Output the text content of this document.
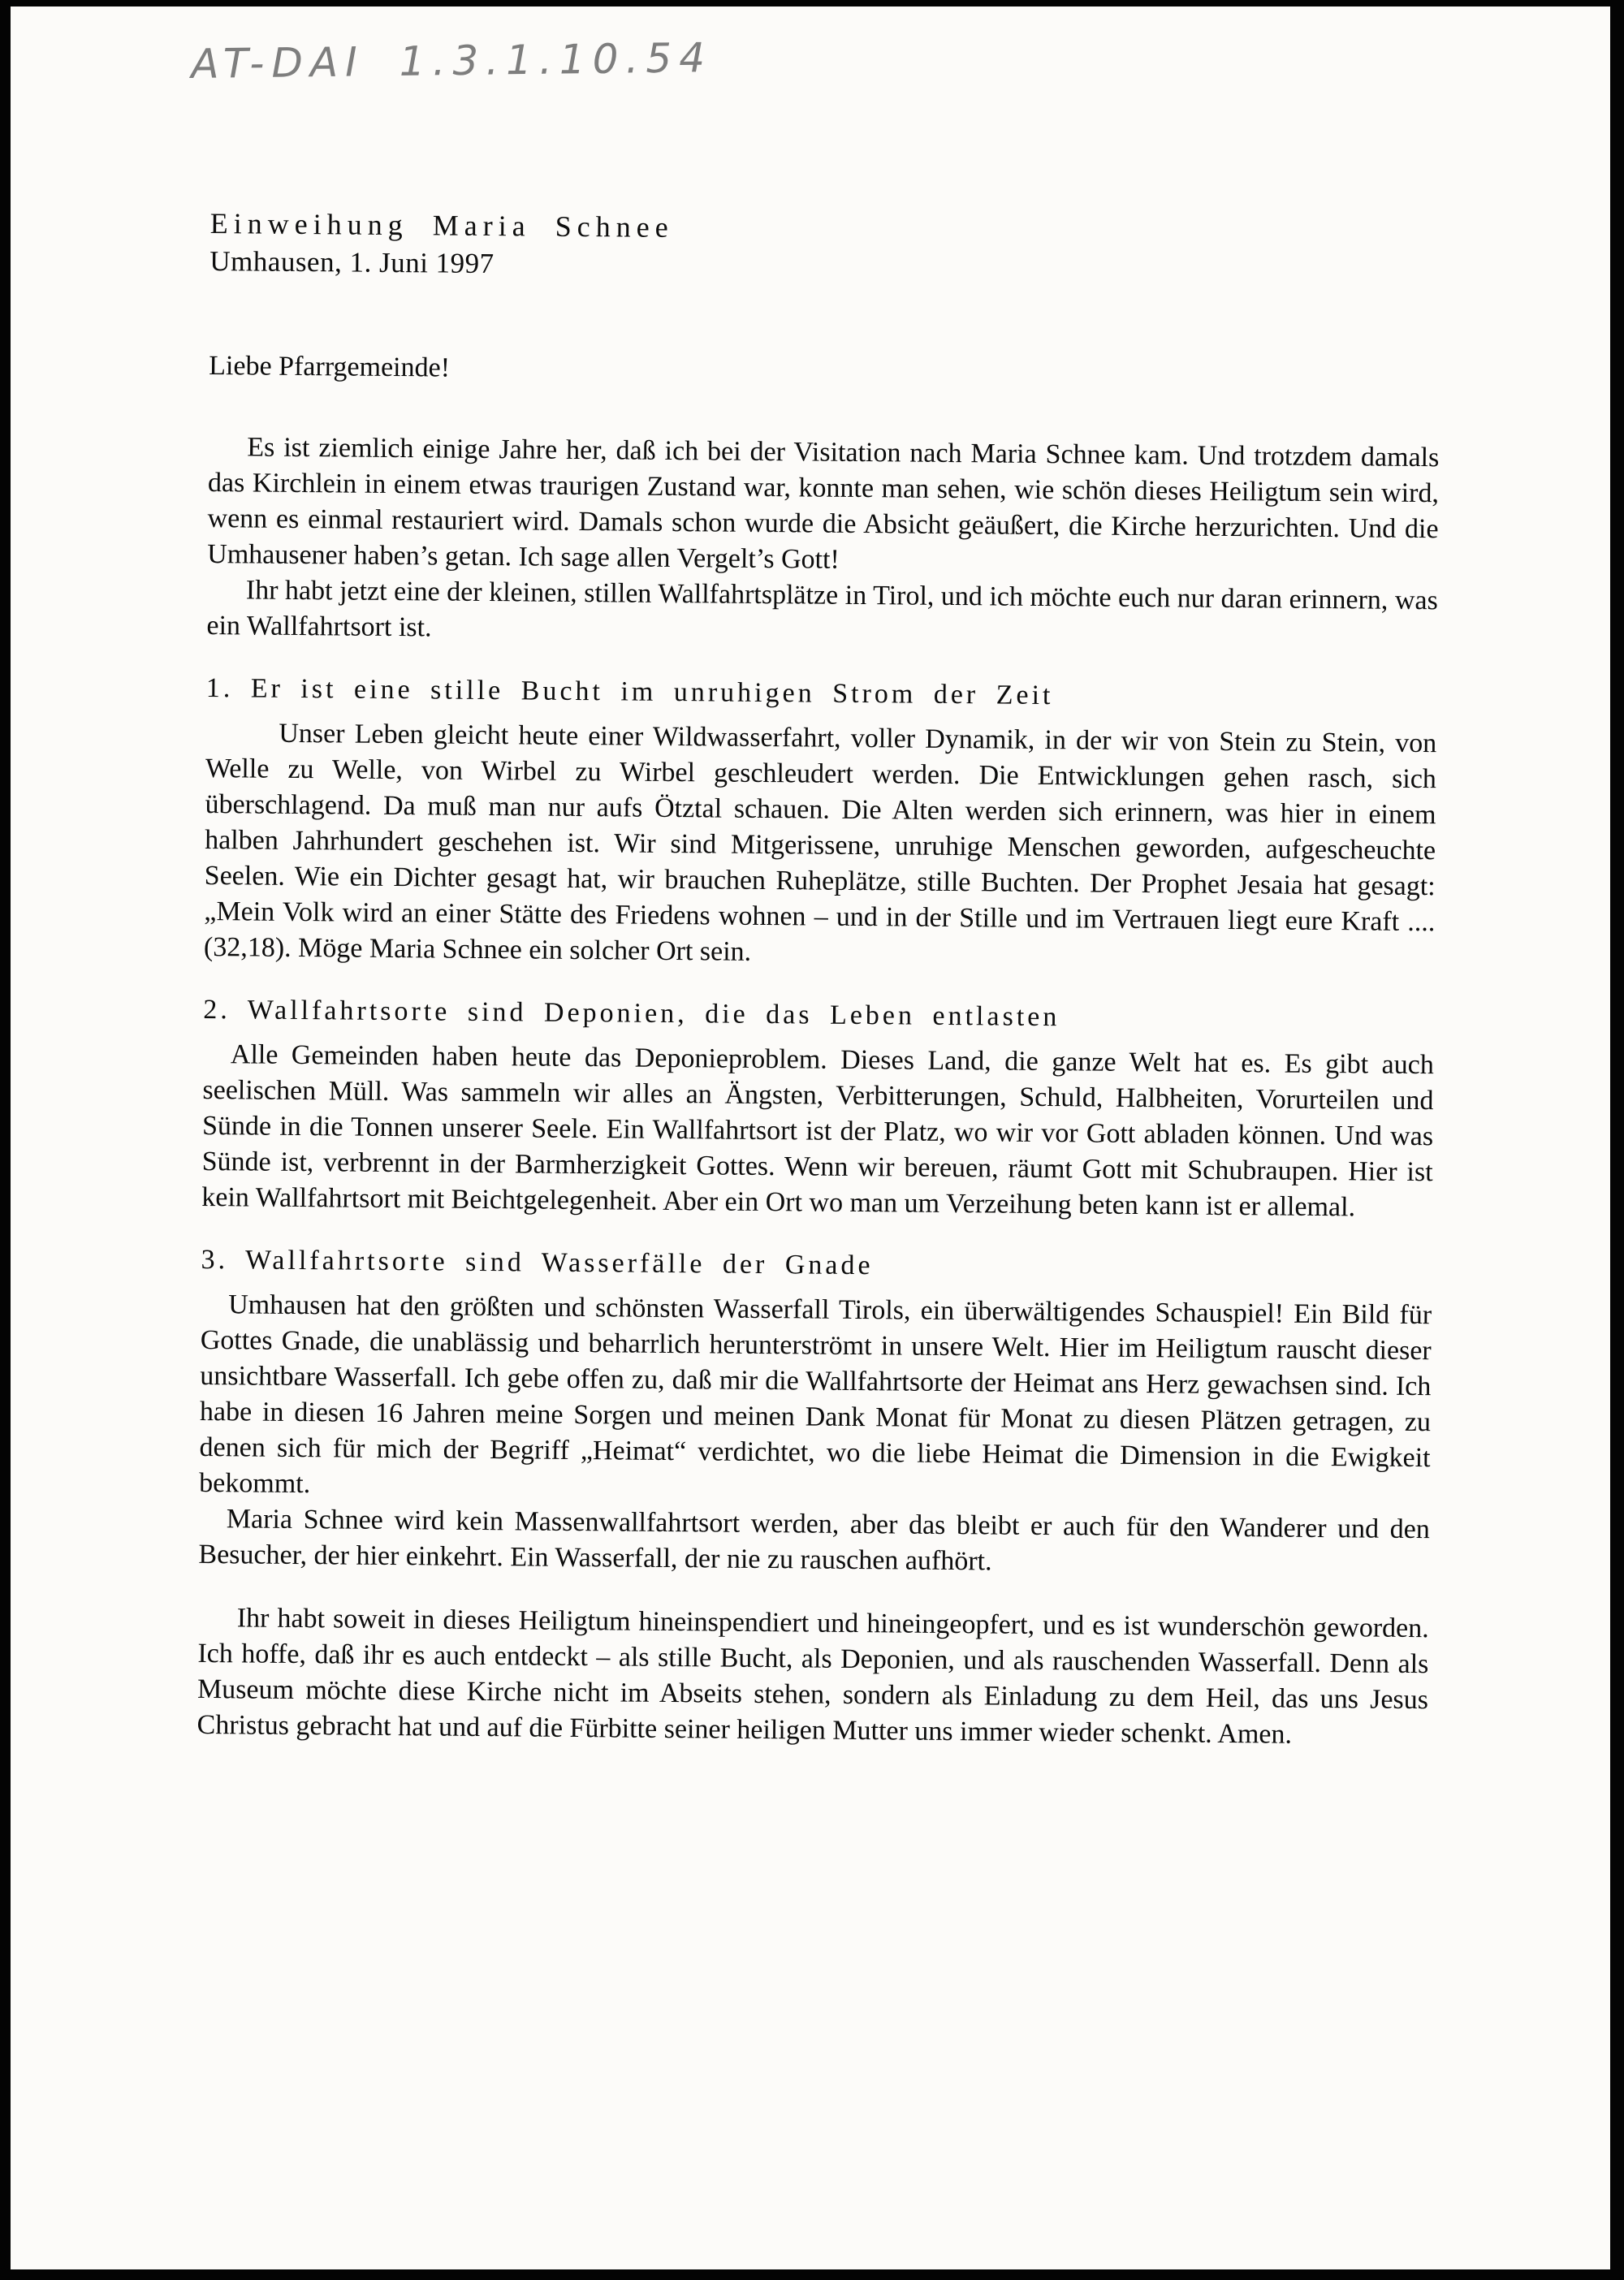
AT-DAI 1.3.1.10.54
Einweihung Maria Schnee
Umhausen, 1. Juni 1997

Liebe Pfarrgemeinde!

Es ist ziemlich einige Jahre her, daß ich bei der Visitation nach Maria Schnee kam. Und trotzdem damals das Kirchlein in einem etwas traurigen Zustand war, konnte man sehen, wie schön dieses Heiligtum sein wird, wenn es einmal restauriert wird. Damals schon wurde die Absicht geäußert, die Kirche herzurichten. Und die Umhausener haben’s getan. Ich sage allen Vergelt’s Gott!

Ihr habt jetzt eine der kleinen, stillen Wallfahrtsplätze in Tirol, und ich möchte euch nur daran erinnern, was ein Wallfahrtsort ist.

1. Er ist eine stille Bucht im unruhigen Strom der Zeit

Unser Leben gleicht heute einer Wildwasserfahrt, voller Dynamik, in der wir von Stein zu Stein, von Welle zu Welle, von Wirbel zu Wirbel geschleudert werden. Die Entwicklungen gehen rasch, sich überschlagend. Da muß man nur aufs Ötztal schauen. Die Alten werden sich erinnern, was hier in einem halben Jahrhundert geschehen ist. Wir sind Mitgerissene, unruhige Menschen geworden, aufgescheuchte Seelen. Wie ein Dichter gesagt hat, wir brauchen Ruheplätze, stille Buchten. Der Prophet Jesaia hat gesagt: „Mein Volk wird an einer Stätte des Friedens wohnen – und in der Stille und im Vertrauen liegt eure Kraft .... (32,18). Möge Maria Schnee ein solcher Ort sein.

2. Wallfahrtsorte sind Deponien, die das Leben entlasten

Alle Gemeinden haben heute das Deponieproblem. Dieses Land, die ganze Welt hat es. Es gibt auch seelischen Müll. Was sammeln wir alles an Ängsten, Verbitterungen, Schuld, Halbheiten, Vorurteilen und Sünde in die Tonnen unserer Seele. Ein Wallfahrtsort ist der Platz, wo wir vor Gott abladen können. Und was Sünde ist, verbrennt in der Barmherzigkeit Gottes. Wenn wir bereuen, räumt Gott mit Schubraupen. Hier ist kein Wallfahrtsort mit Beichtgelegenheit. Aber ein Ort wo man um Verzeihung beten kann ist er allemal.

3. Wallfahrtsorte sind Wasserfälle der Gnade

Umhausen hat den größten und schönsten Wasserfall Tirols, ein überwältigendes Schauspiel! Ein Bild für Gottes Gnade, die unablässig und beharrlich herunterströmt in unsere Welt. Hier im Heiligtum rauscht dieser unsichtbare Wasserfall. Ich gebe offen zu, daß mir die Wallfahrtsorte der Heimat ans Herz gewachsen sind. Ich habe in diesen 16 Jahren meine Sorgen und meinen Dank Monat für Monat zu diesen Plätzen getragen, zu denen sich für mich der Begriff „Heimat“ verdichtet, wo die liebe Heimat die Dimension in die Ewigkeit bekommt.

Maria Schnee wird kein Massenwallfahrtsort werden, aber das bleibt er auch für den Wanderer und den Besucher, der hier einkehrt. Ein Wasserfall, der nie zu rauschen aufhört.

Ihr habt soweit in dieses Heiligtum hineinspendiert und hineingeopfert, und es ist wunderschön geworden. Ich hoffe, daß ihr es auch entdeckt – als stille Bucht, als Deponien, und als rauschenden Wasserfall. Denn als Museum möchte diese Kirche nicht im Abseits stehen, sondern als Einladung zu dem Heil, das uns Jesus Christus gebracht hat und auf die Fürbitte seiner heiligen Mutter uns immer wieder schenkt. Amen.
